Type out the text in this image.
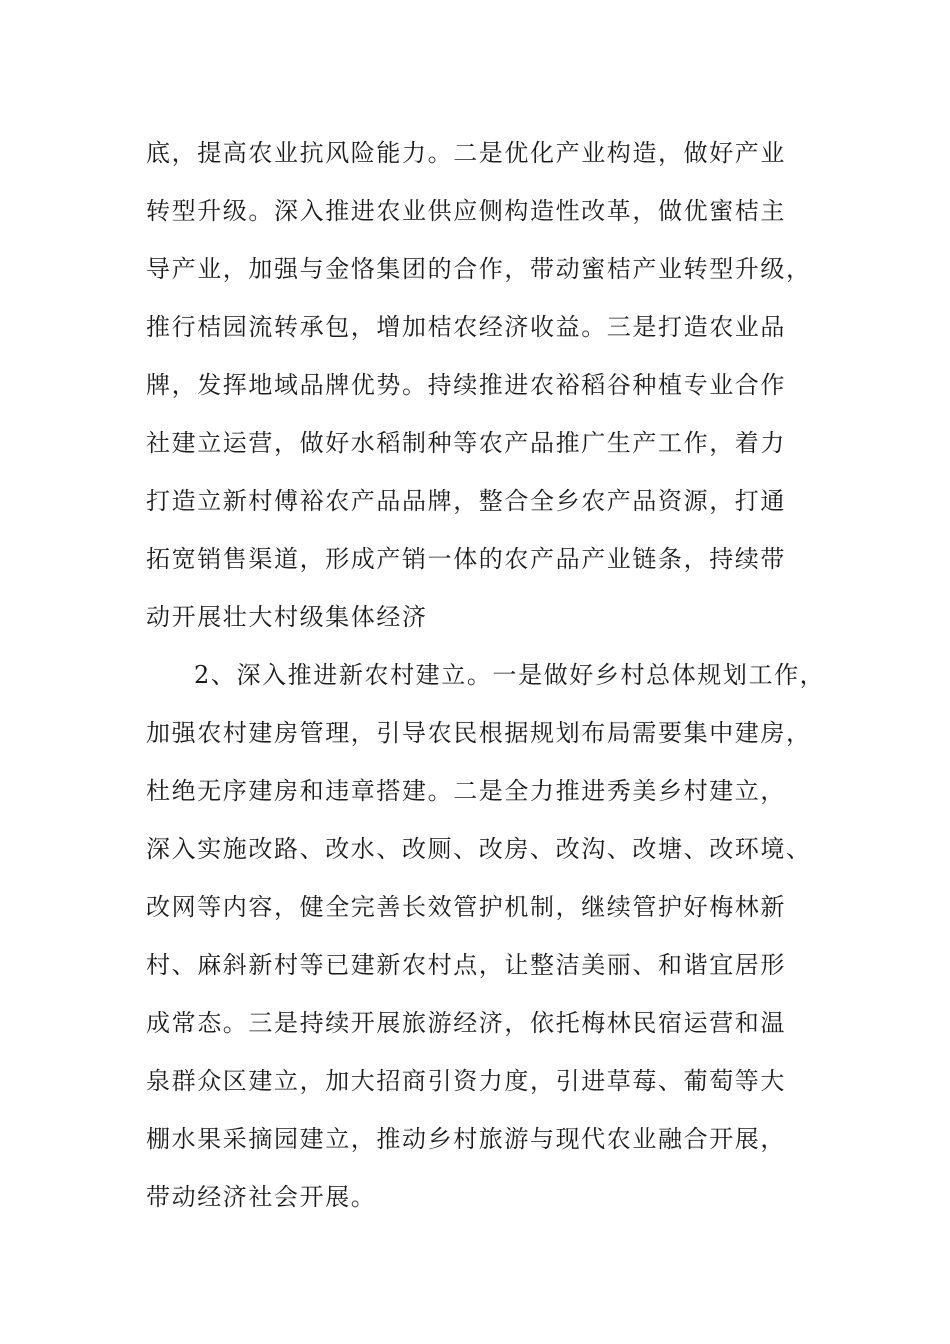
底，提高农业抗风险能力。二是优化产业构造，做好产业
转型升级。深入推进农业供应侧构造性改革，做优蜜桔主
导产业，加强与金恪集团的合作，带动蜜桔产业转型升级，
推行桔园流转承包，增加桔农经济收益。三是打造农业品
牌，发挥地域品牌优势。持续推进农裕稻谷种植专业合作
社建立运营，做好水稻制种等农产品推广生产工作，着力
打造立新村傅裕农产品品牌，整合全乡农产品资源，打通
拓宽销售渠道，形成产销一体的农产品产业链条，持续带
动开展壮大村级集体经济
2、深入推进新农村建立。一是做好乡村总体规划工作，
加强农村建房管理，引导农民根据规划布局需要集中建房，
杜绝无序建房和违章搭建。二是全力推进秀美乡村建立，
深入实施改路、改水、改厕、改房、改沟、改塘、改环境、
改网等内容，健全完善长效管护机制，继续管护好梅林新
村、麻斜新村等已建新农村点，让整洁美丽、和谐宜居形
成常态。三是持续开展旅游经济，依托梅林民宿运营和温
泉群众区建立，加大招商引资力度，引进草莓、葡萄等大
棚水果采摘园建立，推动乡村旅游与现代农业融合开展，
带动经济社会开展。
